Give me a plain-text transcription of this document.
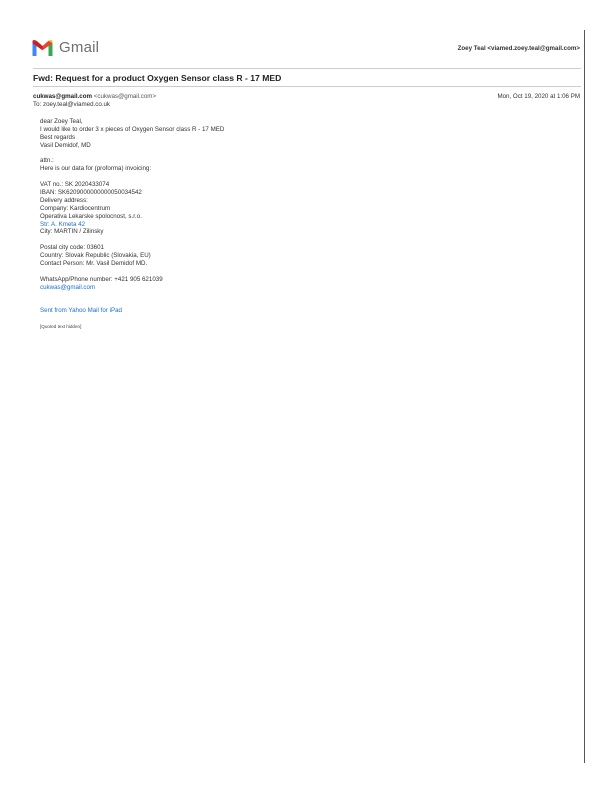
Gmail	Zoey Teal <viamed.zoey.teal@gmail.com>
Fwd: Request for a product Oxygen Sensor class R - 17 MED
cukwas@gmail.com <cukwas@gmail.com>	Mon, Oct 19, 2020 at 1:06 PM
To: zoey.teal@viamed.co.uk
dear Zoey Teal,
I would like to order 3 x pieces of Oxygen Sensor class R - 17 MED
Best regards
Vasil Demidof, MD
attn.:
Here is our data for (proforma) invoicing:
VAT no.: SK 2020433074
IBAN: SK6209000000000050034542
Delivery address:
Company: Kardiocentrum
Operativa Lekarske spolocnost, s.r.o.
Str: A. Kmeta 42
City: MARTIN / Zilinsky
Postal city code: 03601
Country: Slovak Republic (Slovakia, EU)
Contact Person: Mr. Vasil Demidof MD.
WhatsApp/Phone number: +421 905 621039
cukwas@gmail.com
Sent from Yahoo Mail for iPad
[Quoted text hidden]
